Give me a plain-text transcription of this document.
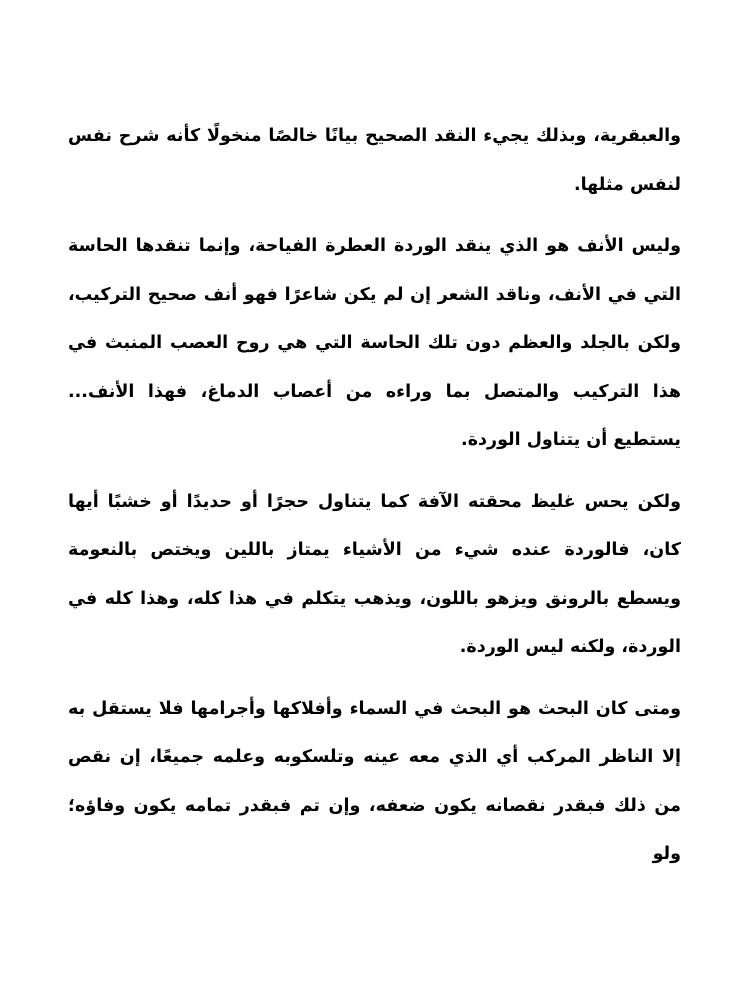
والعبقرية، وبذلك يجيء النقد الصحيح بيانًا خالصًا منخولًا كأنه شرح نفس لنفس مثلها.

وليس الأنف هو الذي ينقد الوردة العطرة الفياحة، وإنما تنقدها الحاسة التي في الأنف، وناقد الشعر إن لم يكن شاعرًا فهو أنف صحيح التركيب، ولكن بالجلد والعظم دون تلك الحاسة التي هي روح العصب المنبث في هذا التركيب والمتصل بما وراءه من أعصاب الدماغ، فهذا الأنف... يستطيع أن يتناول الوردة.

ولكن يحس غليظ محقته الآفة كما يتناول حجرًا أو حديدًا أو خشبًا أيها كان، فالوردة عنده شيء من الأشياء يمتاز باللين ويختص بالنعومة ويسطع بالرونق ويزهو باللون، ويذهب يتكلم في هذا كله، وهذا كله في الوردة، ولكنه ليس الوردة.

ومتى كان البحث هو البحث في السماء وأفلاكها وأجرامها فلا يستقل به إلا الناظر المركب أي الذي معه عينه وتلسكوبه وعلمه جميعًا، إن نقص من ذلك فبقدر نقصانه يكون ضعفه، وإن تم فبقدر تمامه يكون وفاؤه؛ ولو
